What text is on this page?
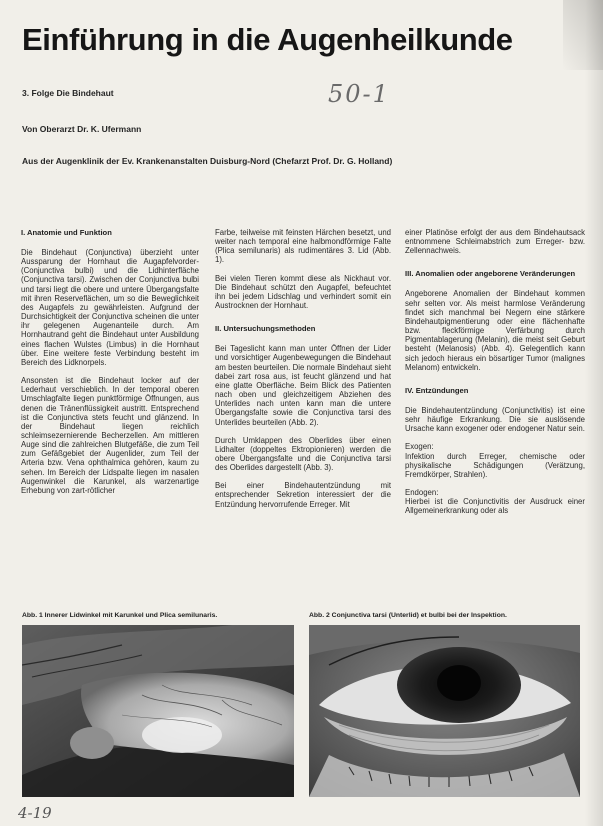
Einführung in die Augenheilkunde
3. Folge Die Bindehaut	50-1
Von Oberarzt Dr. K. Ufermann
Aus der Augenklinik der Ev. Krankenanstalten Duisburg-Nord (Chefarzt Prof. Dr. G. Holland)
I. Anatomie und Funktion

Die Bindehaut (Conjunctiva) überzieht unter Aussparung der Hornhaut die Augapfelvorder- (Conjunctiva bulbi) und die Lidhinterfläche (Conjunctiva tarsi). Zwischen der Conjunctiva bulbi und tarsi liegt die obere und untere Übergangsfalte mit ihren Reserveflächen, um so die Beweglichkeit des Augapfels zu gewährleisten. Aufgrund der Durchsichtigkeit der Conjunctiva scheinen die unter ihr gelegenen Augenanteile durch. Am Hornhautrand geht die Bindehaut unter Ausbildung eines flachen Wulstes (Limbus) in die Hornhaut über. Eine weitere feste Verbindung besteht im Bereich des Lidknorpels.

Ansonsten ist die Bindehaut locker auf der Lederhaut verschieblich. In der temporal oberen Umschlagfalte liegen punktförmige Öffnungen, aus denen die Tränenflüssigkeit austritt. Entsprechend ist die Conjunctiva stets feucht und glänzend. In der Bindehaut liegen reichlich schleimsezernierende Becherzellen. Am mittleren Auge sind die zahlreichen Blutgefäße, die zum Teil zum Gefäßgebiet der Augenlider, zum Teil der Arteria bzw. Vena ophthalmica gehören, kaum zu sehen. Im Bereich der Lidspalte liegen im nasalen Augenwinkel die Karunkel, als warzenartige Erhebung von zart-rötlicher

Farbe, teilweise mit feinsten Härchen besetzt, und weiter nach temporal eine halbmondförmige Falte (Plica semilunaris) als rudimentäres 3. Lid (Abb. 1).

Bei vielen Tieren kommt diese als Nickhaut vor. Die Bindehaut schützt den Augapfel, befeuchtet ihn bei jedem Lidschlag und verhindert somit ein Austrocknen der Hornhaut.

II. Untersuchungsmethoden

Bei Tageslicht kann man unter Öffnen der Lider und vorsichtiger Augenbewegungen die Bindehaut am besten beurteilen. Die normale Bindehaut sieht dabei zart rosa aus, ist feucht glänzend und hat eine glatte Oberfläche. Beim Blick des Patienten nach oben und gleichzeitigem Abziehen des Unterlides nach unten kann man die untere Übergangsfalte sowie die Conjunctiva tarsi des Unterlides beurteilen (Abb. 2).

Durch Umklappen des Oberlides über einen Lidhalter (doppeltes Ektropionieren) werden die obere Übergangsfalte und die Conjunctiva tarsi des Oberlides dargestellt (Abb. 3).

Bei einer Bindehautentzündung mit entsprechender Sekretion interessiert der die Entzündung hervorrufende Erreger. Mit

einer Platinöse erfolgt der aus dem Bindehautsack entnommene Schleimabstrich zum Erreger- bzw. Zellennachweis.

III. Anomalien oder angeborene Veränderungen

Angeborene Anomalien der Bindehaut kommen sehr selten vor. Als meist harmlose Veränderung findet sich manchmal bei Negern eine stärkere Bindehautpigmentierung oder eine flächenhafte bzw. fleckförmige Verfärbung durch Pigmentablagerung (Melanin), die meist seit Geburt besteht (Melanosis) (Abb. 4). Gelegentlich kann sich jedoch hieraus ein bösartiger Tumor (malignes Melanom) entwickeln.

IV. Entzündungen

Die Bindehautentzündung (Conjunctivitis) ist eine sehr häufige Erkrankung. Die sie auslösende Ursache kann exogener oder endogener Natur sein.

Exogen:

Infektion durch Erreger, chemische oder physikalische Schädigungen (Verätzung, Fremdkörper, Strahlen).

Endogen:

Hierbei ist die Conjunctivitis der Ausdruck einer Allgemeinerkrankung oder als

Abb. 1 Innerer Lidwinkel mit Karunkel und Plica semilunaris.	Abb. 2 Conjunctiva tarsi (Unterlid) et bulbi bei der Inspektion.
4-19
